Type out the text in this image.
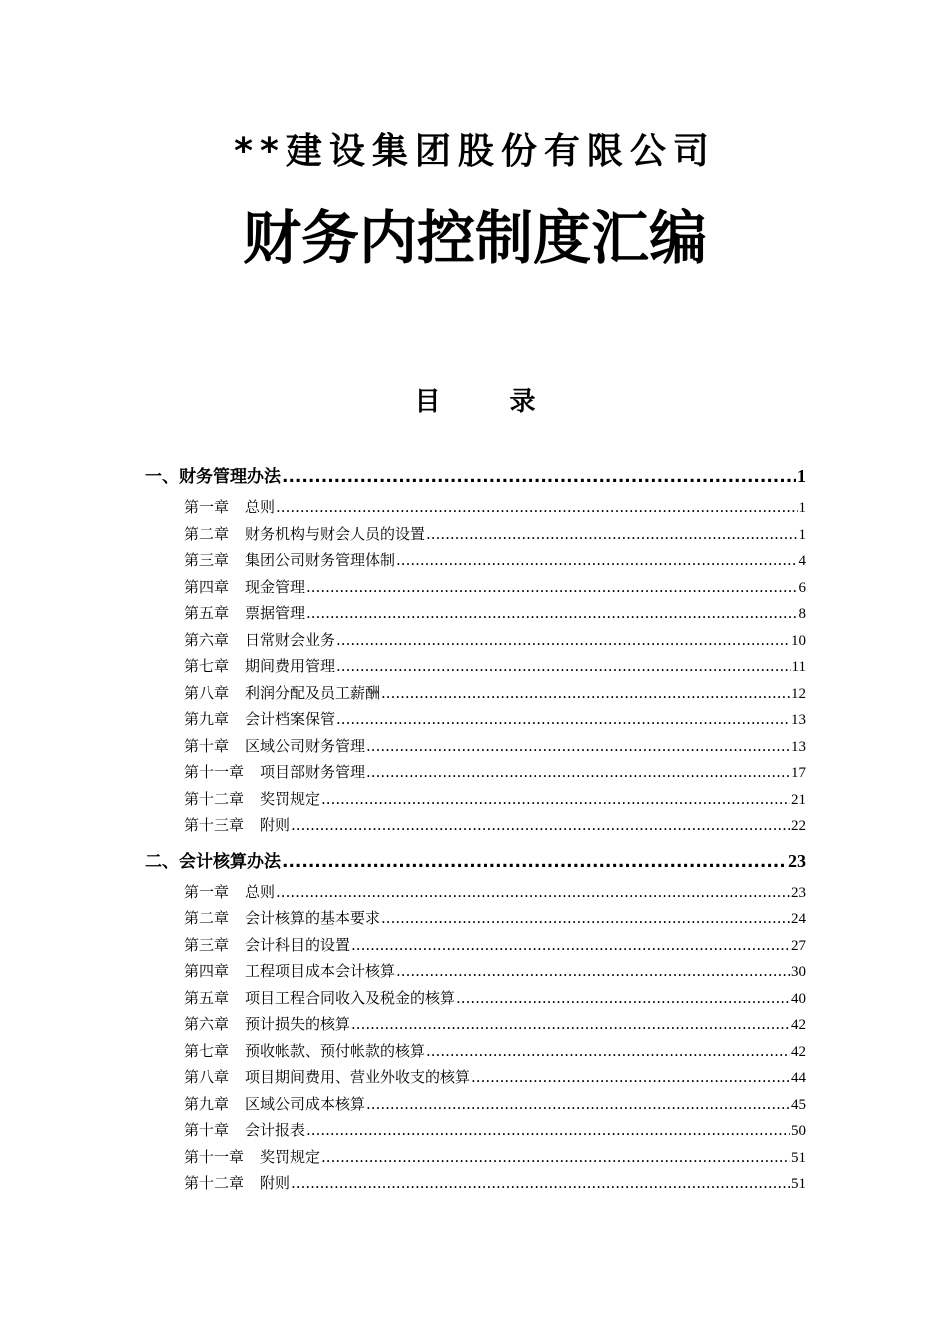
**建设集团股份有限公司
财务内控制度汇编
目 录
一、财务管理办法 .....	1
第一章 总则 .....	1
第二章 财务机构与财会人员的设置 .....	1
第三章 集团公司财务管理体制 .....	4
第四章 现金管理 .....	6
第五章 票据管理 .....	8
第六章 日常财会业务 .....	10
第七章 期间费用管理 .....	11
第八章 利润分配及员工薪酬 .....	12
第九章 会计档案保管 .....	13
第十章 区域公司财务管理 .....	13
第十一章 项目部财务管理 .....	17
第十二章 奖罚规定 .....	21
第十三章 附则 .....	22
二、会计核算办法 .....	23
第一章 总则 .....	23
第二章 会计核算的基本要求 .....	24
第三章 会计科目的设置 .....	27
第四章 工程项目成本会计核算 .....	30
第五章 项目工程合同收入及税金的核算 .....	40
第六章 预计损失的核算 .....	42
第七章 预收帐款、预付帐款的核算 .....	42
第八章 项目期间费用、营业外收支的核算 .....	44
第九章 区域公司成本核算 .....	45
第十章 会计报表 .....	50
第十一章 奖罚规定 .....	51
第十二章 附则 .....	51
